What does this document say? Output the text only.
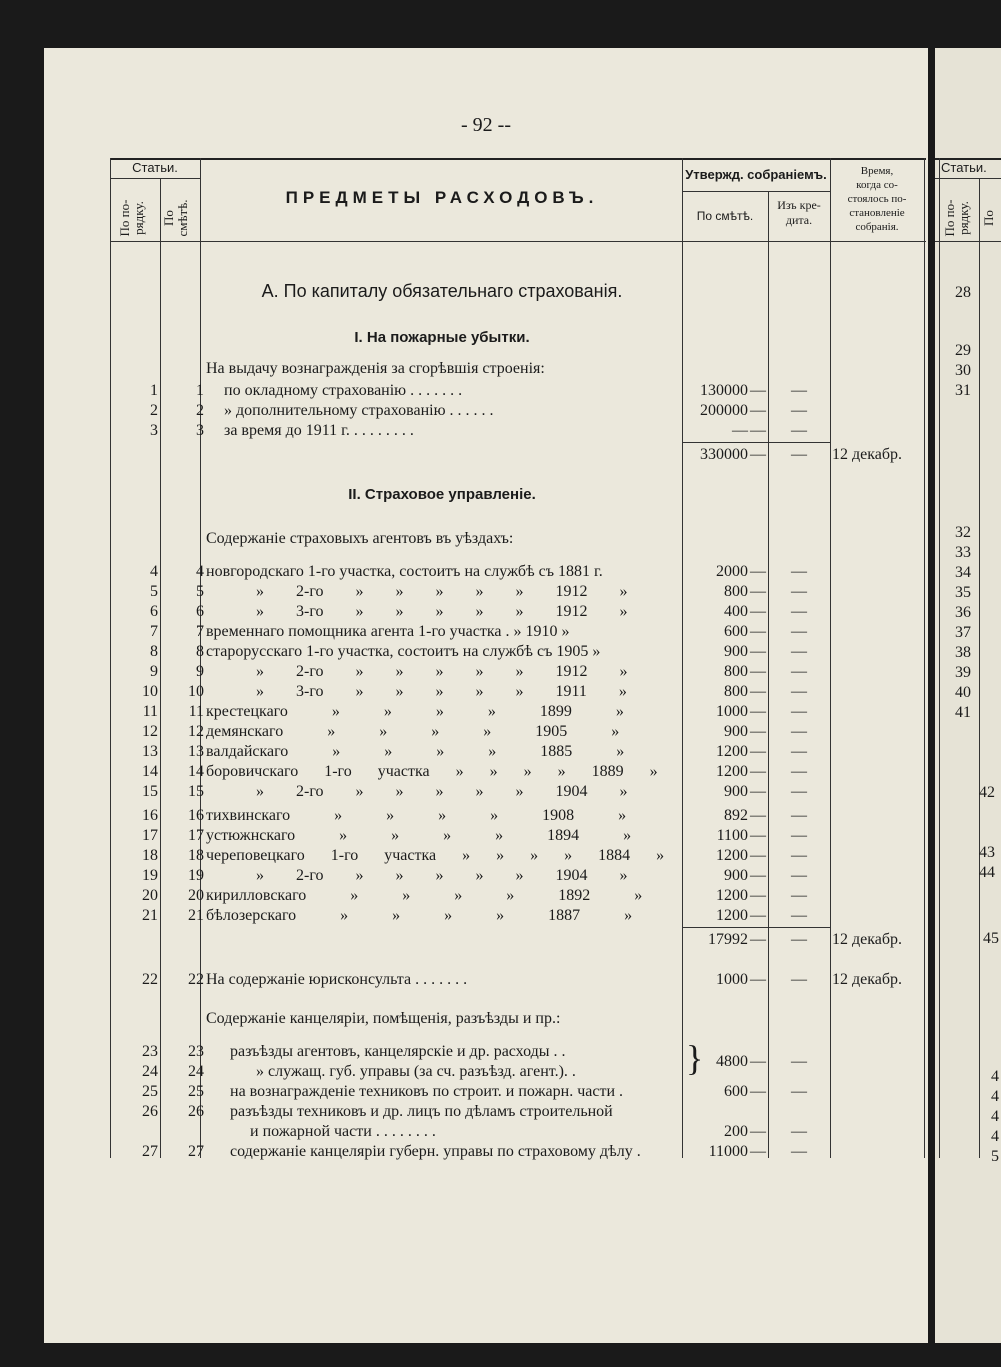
- 92 --
Статьи.
По по-
рядку.	По
смѣтѣ.
ПРЕДМЕТЫ РАСХОДОВЪ.
Утвержд. собраніемъ.
По смѣтѣ.
Изъ кре-
дита.
Время,
когда со-
стоялось по-
становленіе
собранія.
А. По капиталу обязательнаго страхованія.
I. На пожарные убытки.
На выдачу вознагражденія за сгорѣвшія строенія:
1	1 по окладному страхованію . . . . . . .	130000 —	—
2	2 » дополнительному страхованію . . . . . .	200000 —	—
3	3 за время до 1911 г. . . . . . . . .	— —	—
330000 —	—	12 декабр.
II. Страховое управленіе.
Содержаніе страховыхъ агентовъ въ уѣздахъ:
4	4 новгородскаго 1-го участка, состоитъ на службѣ съ 1881 г.	2000 —	—
5	5	» 2-го » » » » » 1912 »	800 —	—
6	6	» 3-го » » » » » 1912 »	400 —	—
7	7 временнаго помощника агента 1-го участка . » 1910 »	600 —	—
8	8 старорусскаго 1-го участка, состоитъ на службѣ съ 1905 »	900 —	—
9	9	» 2-го » » » » » 1912 »	800 —	—
10	10	» 3-го » » » » » 1911 »	800 —	—
11	11 крестецкаго » » » » 1899 »	1000 —	—
12	12 демянскаго » » » » 1905 »	900 —	—
13	13 валдайскаго » » » » 1885 »	1200 —	—
14	14 боровичскаго 1-го участка » » » » 1889 »	1200 —	—
15	15	» 2-го » » » » » 1904 »	900 —	—
16	16 тихвинскаго » » » » 1908 »	892 —	—
17	17 устюжнскаго » » » » 1894 »	1100 —	—
18	18 череповецкаго 1-го участка » » » » 1884 »	1200 —	—
19	19	» 2-го » » » » » 1904 »	900 —	—
20	20 кирилловскаго » » » » 1892 »	1200 —	—
21	21 бѣлозерскаго » » » » 1887 »	1200 —	—
17992 —	—	12 декабр.
22	22 На содержаніе юрисконсульта . . . . . . .	1000 —	—	12 декабр.
Содержаніе канцеляріи, помѣщенія, разъѣзды и пр.:
23	23 разъѣзды агентовъ, канцелярскіе и др. расходы . .
24	24	» служащ. губ. управы (за сч. разъѣзд. агент.). .	} 4800 —	—
25	25 на вознагражденіе техниковъ по строит. и пожарн. части .	600 —	—
26	26 разъѣзды техниковъ и др. лицъ по дѣламъ строительной
и пожарной части . . . . . . . .	200 —	—
27	27 содержаніе канцеляріи губерн. управы по страховому дѣлу .	11000 —	—
Статьи.
По по-
рядку. По
28
29
30
31
32
33
34
35
36
37
38
39
40
41
42
43
44
45
4
4
4
4
5
